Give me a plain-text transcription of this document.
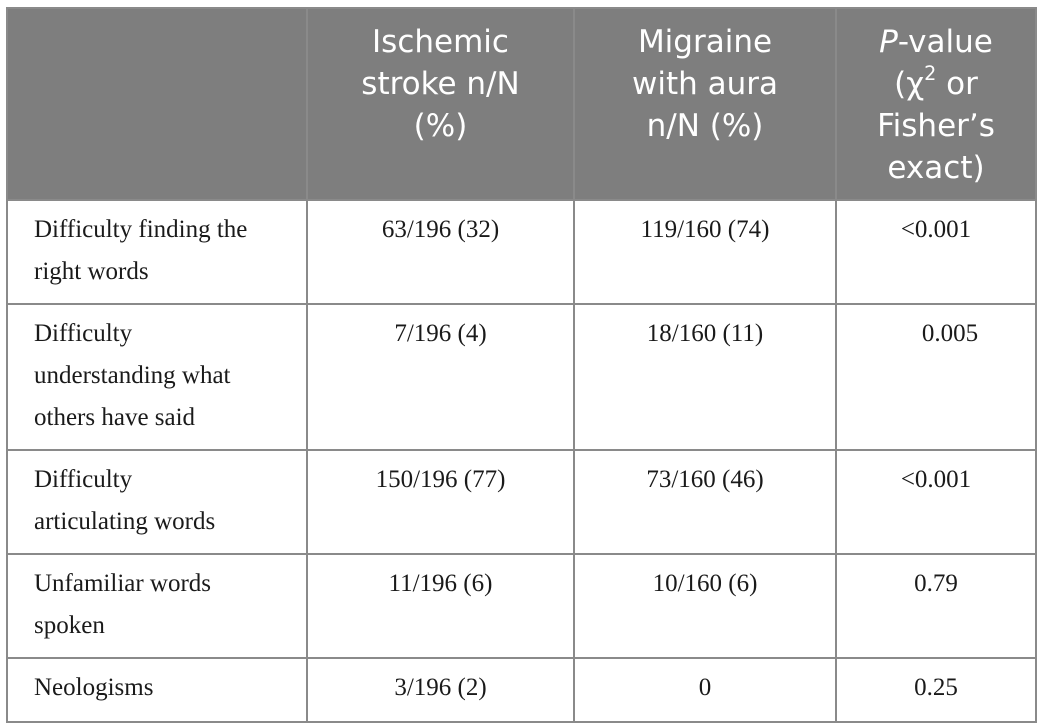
	Ischemic
stroke n/N
(%)	Migraine
with aura
n/N (%)	P-value
($\chi^2$ or
Fisher’s
exact)

Difficulty finding the
right words	63/196 (32)	119/160 (74)	<0.001
Difficulty
understanding what
others have said	7/196 (4)	18/160 (11)	0.005
Difficulty
articulating words	150/196 (77)	73/160 (46)	<0.001
Unfamiliar words
spoken	11/196 (6)	10/160 (6)	0.79
Neologisms	3/196 (2)	0	0.25
